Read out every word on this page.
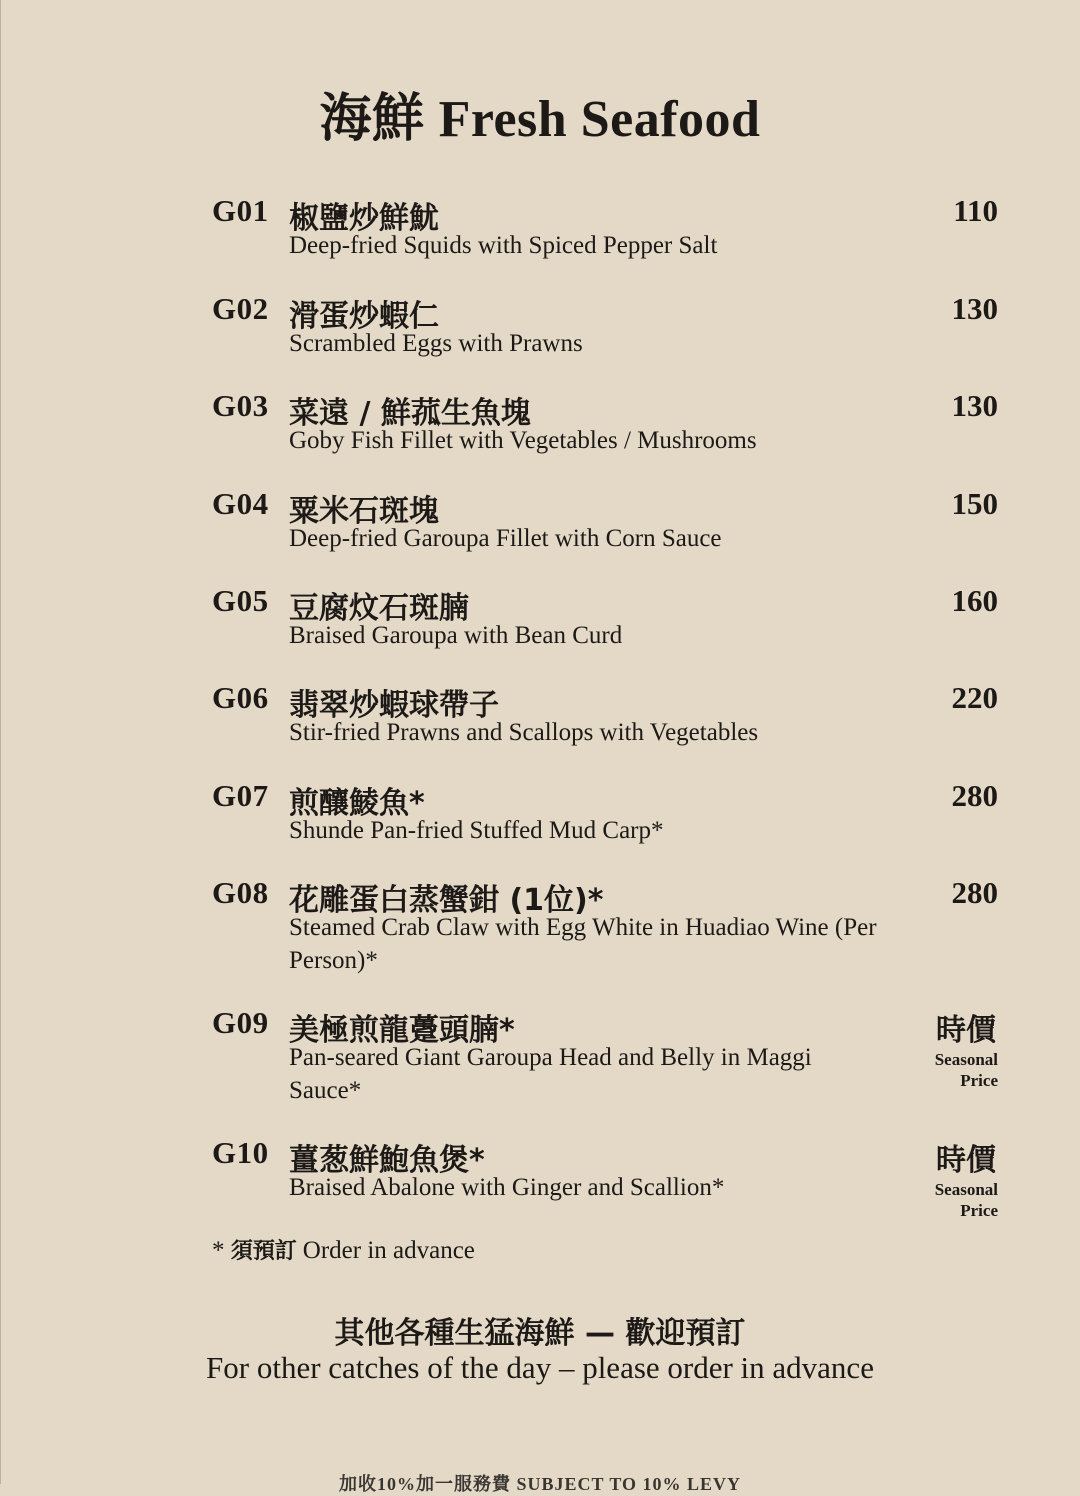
海鮮 Fresh Seafood
G01 椒鹽炒鮮魷
Deep-fried Squids with Spiced Pepper Salt
110
G02 滑蛋炒蝦仁
Scrambled Eggs with Prawns
130
G03 菜遠 / 鮮菰生魚塊
Goby Fish Fillet with Vegetables / Mushrooms
130
G04 粟米石斑塊
Deep-fried Garoupa Fillet with Corn Sauce
150
G05 豆腐炆石斑腩
Braised Garoupa with Bean Curd
160
G06 翡翠炒蝦球帶子
Stir-fried Prawns and Scallops with Vegetables
220
G07 煎釀鯪魚*
Shunde Pan-fried Stuffed Mud Carp*
280
G08 花雕蛋白蒸蟹鉗 (1位)*
Steamed Crab Claw with Egg White in Huadiao Wine (Per Person)*
280
G09 美極煎龍躉頭腩*
Pan-seared Giant Garoupa Head and Belly in Maggi Sauce*
時價
Seasonal
Price
G10 薑葱鮮鮑魚煲*
Braised Abalone with Ginger and Scallion*
時價
Seasonal
Price
* 須預訂 Order in advance
其他各種生猛海鮮 — 歡迎預訂
For other catches of the day – please order in advance
加收10%加一服務費 SUBJECT TO 10% LEVY
